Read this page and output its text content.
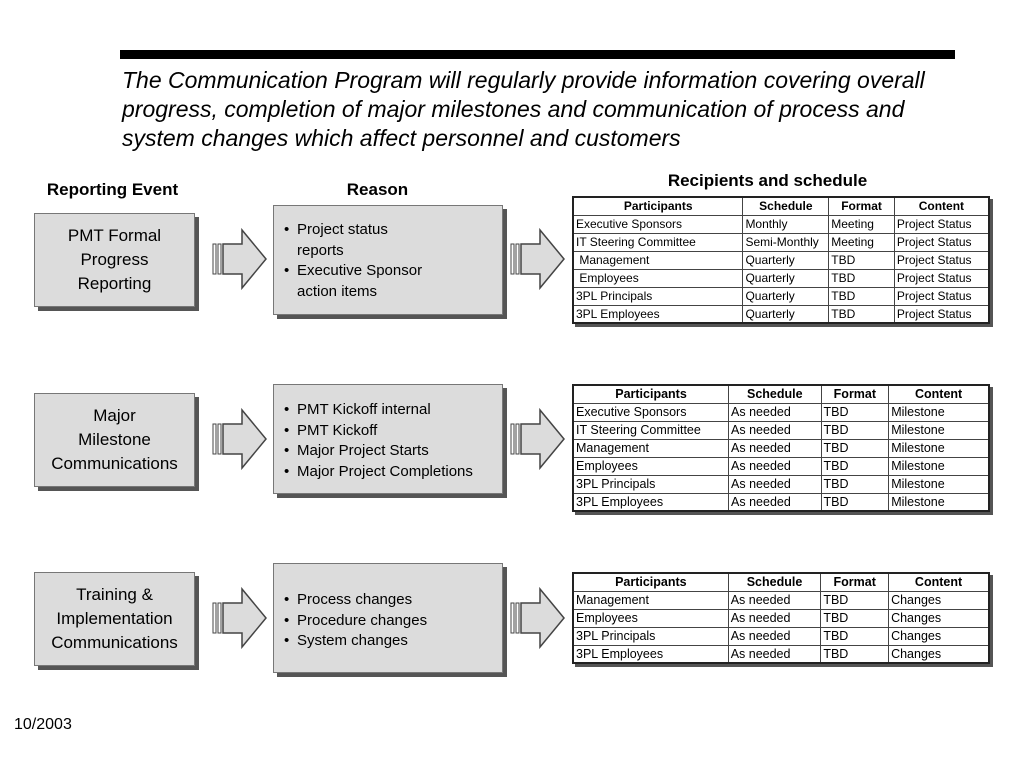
The Communication Program will regularly provide information covering overall progress, completion of major milestones and communication of process and system changes which affect personnel and customers
Reporting Event	Reason	Recipients and schedule
PMT Formal
Progress
Reporting
• Project status
reports
• Executive Sponsor
action items
Major
Milestone
Communications
• PMT Kickoff internal
• PMT Kickoff
• Major Project Starts
• Major Project Completions
Training &
Implementation
Communications
• Process changes
• Procedure changes
• System changes
Participants	Schedule	Format	Content
Executive Sponsors	Monthly	Meeting	Project Status
IT Steering Committee	Semi-Monthly	Meeting	Project Status
Management	Quarterly	TBD	Project Status
Employees	Quarterly	TBD	Project Status
3PL Principals	Quarterly	TBD	Project Status
3PL Employees	Quarterly	TBD	Project Status
Participants	Schedule	Format	Content
Executive Sponsors	As needed	TBD	Milestone
IT Steering Committee	As needed	TBD	Milestone
Management	As needed	TBD	Milestone
Employees	As needed	TBD	Milestone
3PL Principals	As needed	TBD	Milestone
3PL Employees	As needed	TBD	Milestone
Participants	Schedule	Format	Content
Management	As needed	TBD	Changes
Employees	As needed	TBD	Changes
3PL Principals	As needed	TBD	Changes
3PL Employees	As needed	TBD	Changes
10/2003
